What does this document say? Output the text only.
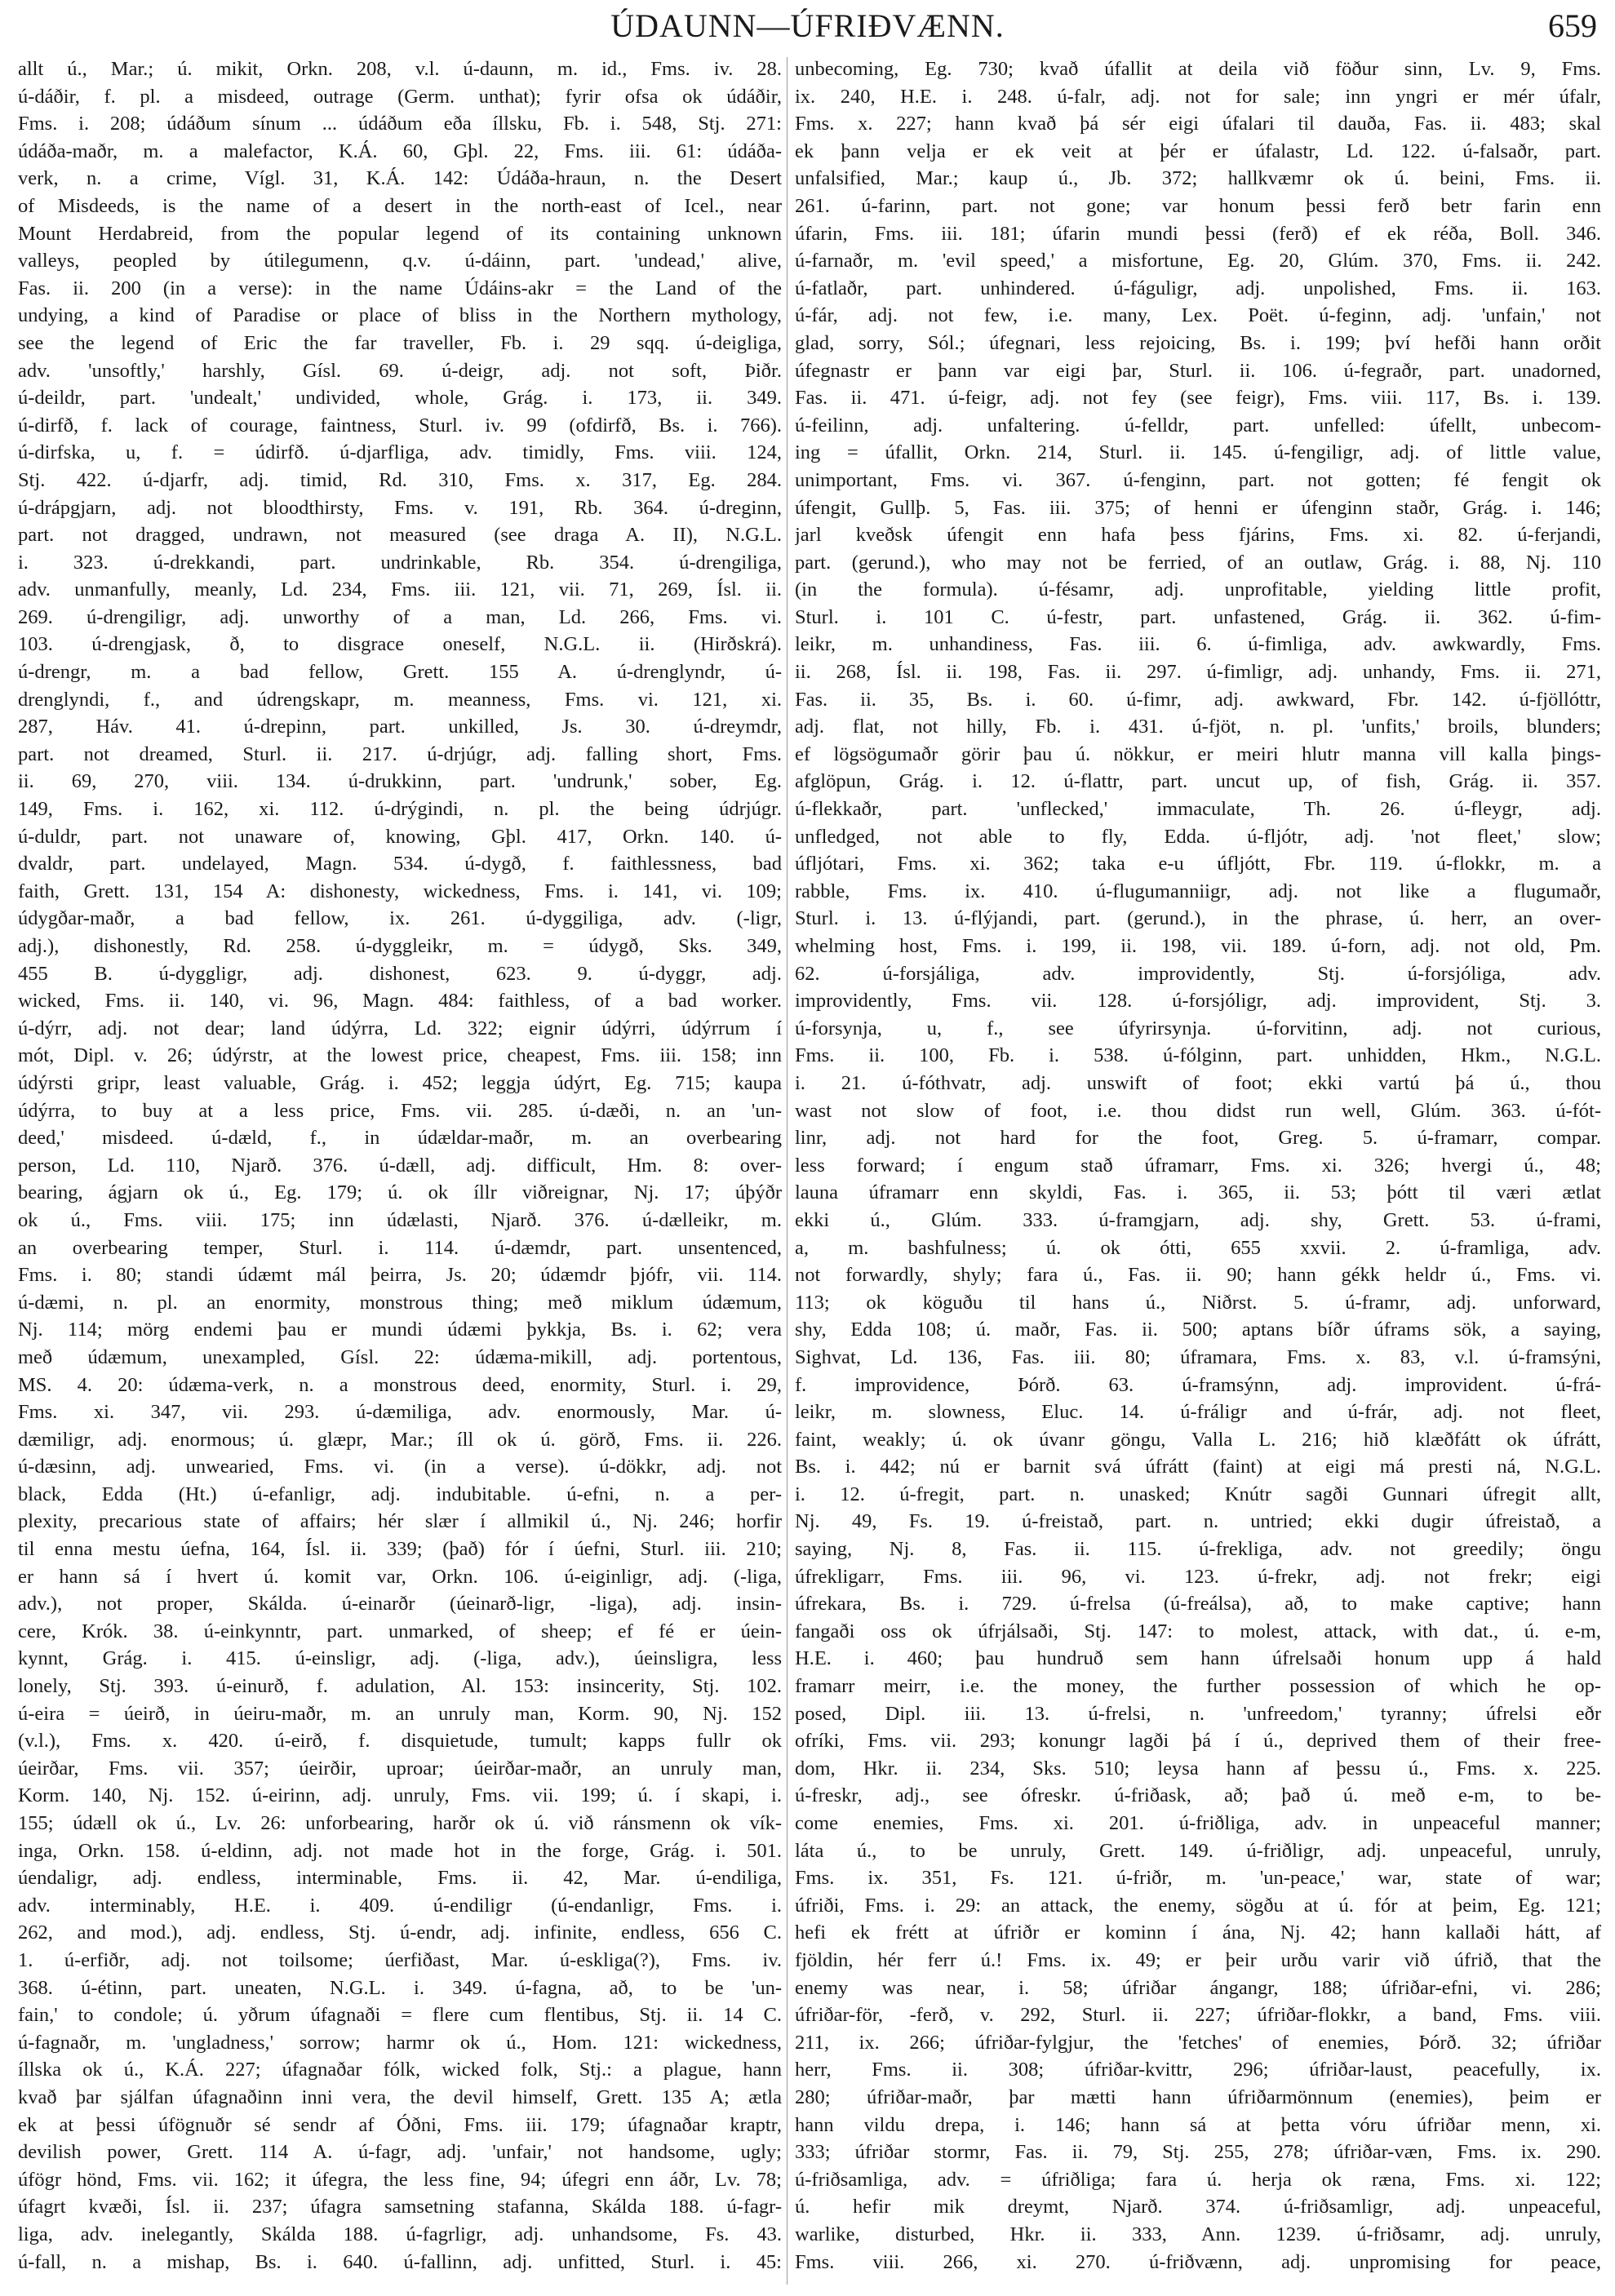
ÚDAUNN—ÚFRIÐVÆNN.	659
allt ú., Mar.; ú. mikit, Orkn. 208, v.l. ú-daunn, m. id., Fms. iv. 28.
ú-dáðir, f. pl. a misdeed, outrage (Germ. unthat); fyrir ofsa ok údáðir,
Fms. i. 208; údáðum sínum ... údáðum eða íllsku, Fb. i. 548, Stj. 271:
údáða-maðr, m. a malefactor, K.Á. 60, Gþl. 22, Fms. iii. 61: údáða-
verk, n. a crime, Vígl. 31, K.Á. 142: Údáða-hraun, n. the Desert
of Misdeeds, is the name of a desert in the north-east of Icel., near
Mount Herdabreid, from the popular legend of its containing unknown
valleys, peopled by útilegumenn, q.v. ú-dáinn, part. 'undead,' alive,
Fas. ii. 200 (in a verse): in the name Údáins-akr = the Land of the
undying, a kind of Paradise or place of bliss in the Northern mythology,
see the legend of Eric the far traveller, Fb. i. 29 sqq. ú-deigliga,
adv. 'unsoftly,' harshly, Gísl. 69. ú-deigr, adj. not soft, Þiðr.
ú-deildr, part. 'undealt,' undivided, whole, Grág. i. 173, ii. 349.
ú-dirfð, f. lack of courage, faintness, Sturl. iv. 99 (ofdirfð, Bs. i. 766).
ú-dirfska, u, f. = údirfð. ú-djarfliga, adv. timidly, Fms. viii. 124,
Stj. 422. ú-djarfr, adj. timid, Rd. 310, Fms. x. 317, Eg. 284.
ú-drápgjarn, adj. not bloodthirsty, Fms. v. 191, Rb. 364. ú-dreginn,
part. not dragged, undrawn, not measured (see draga A. II), N.G.L.
i. 323. ú-drekkandi, part. undrinkable, Rb. 354. ú-drengiliga,
adv. unmanfully, meanly, Ld. 234, Fms. iii. 121, vii. 71, 269, Ísl. ii.
269. ú-drengiligr, adj. unworthy of a man, Ld. 266, Fms. vi.
103. ú-drengjask, ð, to disgrace oneself, N.G.L. ii. (Hirðskrá).
ú-drengr, m. a bad fellow, Grett. 155 A. ú-drenglyndr, ú-
drenglyndi, f., and údrengskapr, m. meanness, Fms. vi. 121, xi.
287, Háv. 41. ú-drepinn, part. unkilled, Js. 30. ú-dreymdr,
part. not dreamed, Sturl. ii. 217. ú-drjúgr, adj. falling short, Fms.
ii. 69, 270, viii. 134. ú-drukkinn, part. 'undrunk,' sober, Eg.
149, Fms. i. 162, xi. 112. ú-drýgindi, n. pl. the being údrjúgr.
ú-duldr, part. not unaware of, knowing, Gþl. 417, Orkn. 140. ú-
dvaldr, part. undelayed, Magn. 534. ú-dygð, f. faithlessness, bad
faith, Grett. 131, 154 A: dishonesty, wickedness, Fms. i. 141, vi. 109;
údygðar-maðr, a bad fellow, ix. 261. ú-dyggiliga, adv. (-ligr,
adj.), dishonestly, Rd. 258. ú-dyggleikr, m. = údygð, Sks. 349,
455 B. ú-dyggligr, adj. dishonest, 623. 9. ú-dyggr, adj.
wicked, Fms. ii. 140, vi. 96, Magn. 484: faithless, of a bad worker.
ú-dýrr, adj. not dear; land údýrra, Ld. 322; eignir údýrri, údýrrum í
mót, Dipl. v. 26; údýrstr, at the lowest price, cheapest, Fms. iii. 158; inn
údýrsti gripr, least valuable, Grág. i. 452; leggja údýrt, Eg. 715; kaupa
údýrra, to buy at a less price, Fms. vii. 285. ú-dæði, n. an 'un-
deed,' misdeed. ú-dæld, f., in údældar-maðr, m. an overbearing
person, Ld. 110, Njarð. 376. ú-dæll, adj. difficult, Hm. 8: over-
bearing, ágjarn ok ú., Eg. 179; ú. ok íllr viðreignar, Nj. 17; úþýðr
ok ú., Fms. viii. 175; inn údælasti, Njarð. 376. ú-dælleikr, m.
an overbearing temper, Sturl. i. 114. ú-dæmdr, part. unsentenced,
Fms. i. 80; standi údæmt mál þeirra, Js. 20; údæmdr þjófr, vii. 114.
ú-dæmi, n. pl. an enormity, monstrous thing; með miklum údæmum,
Nj. 114; mörg endemi þau er mundi údæmi þykkja, Bs. i. 62; vera
með údæmum, unexampled, Gísl. 22: údæma-mikill, adj. portentous,
MS. 4. 20: údæma-verk, n. a monstrous deed, enormity, Sturl. i. 29,
Fms. xi. 347, vii. 293. ú-dæmiliga, adv. enormously, Mar. ú-
dæmiligr, adj. enormous; ú. glæpr, Mar.; íll ok ú. görð, Fms. ii. 226.
ú-dæsinn, adj. unwearied, Fms. vi. (in a verse). ú-dökkr, adj. not
black, Edda (Ht.) ú-efanligr, adj. indubitable. ú-efni, n. a per-
plexity, precarious state of affairs; hér slær í allmikil ú., Nj. 246; horfir
til enna mestu úefna, 164, Ísl. ii. 339; (það) fór í úefni, Sturl. iii. 210;
er hann sá í hvert ú. komit var, Orkn. 106. ú-eiginligr, adj. (-liga,
adv.), not proper, Skálda. ú-einarðr (úeinarð-ligr, -liga), adj. insin-
cere, Krók. 38. ú-einkynntr, part. unmarked, of sheep; ef fé er úein-
kynnt, Grág. i. 415. ú-einsligr, adj. (-liga, adv.), úeinsligra, less
lonely, Stj. 393. ú-einurð, f. adulation, Al. 153: insincerity, Stj. 102.
ú-eira = úeirð, in úeiru-maðr, m. an unruly man, Korm. 90, Nj. 152
(v.l.), Fms. x. 420. ú-eirð, f. disquietude, tumult; kapps fullr ok
úeirðar, Fms. vii. 357; úeirðir, uproar; úeirðar-maðr, an unruly man,
Korm. 140, Nj. 152. ú-eirinn, adj. unruly, Fms. vii. 199; ú. í skapi, i.
155; údæll ok ú., Lv. 26: unforbearing, harðr ok ú. við ránsmenn ok vík-
inga, Orkn. 158. ú-eldinn, adj. not made hot in the forge, Grág. i. 501.
úendaligr, adj. endless, interminable, Fms. ii. 42, Mar. ú-endiliga,
adv. interminably, H.E. i. 409. ú-endiligr (ú-endanligr, Fms. i.
262, and mod.), adj. endless, Stj. ú-endr, adj. infinite, endless, 656 C.
1. ú-erfiðr, adj. not toilsome; úerfiðast, Mar. ú-eskliga(?), Fms. iv.
368. ú-étinn, part. uneaten, N.G.L. i. 349. ú-fagna, að, to be 'un-
fain,' to condole; ú. yðrum úfagnaði = flere cum flentibus, Stj. ii. 14 C.
ú-fagnaðr, m. 'ungladness,' sorrow; harmr ok ú., Hom. 121: wickedness,
íllska ok ú., K.Á. 227; úfagnaðar fólk, wicked folk, Stj.: a plague, hann
kvað þar sjálfan úfagnaðinn inni vera, the devil himself, Grett. 135 A; ætla
ek at þessi úfögnuðr sé sendr af Óðni, Fms. iii. 179; úfagnaðar kraptr,
devilish power, Grett. 114 A. ú-fagr, adj. 'unfair,' not handsome, ugly;
úfögr hönd, Fms. vii. 162; it úfegra, the less fine, 94; úfegri enn áðr, Lv. 78;
úfagrt kvæði, Ísl. ii. 237; úfagra samsetning stafanna, Skálda 188. ú-fagr-
liga, adv. inelegantly, Skálda 188. ú-fagrligr, adj. unhandsome, Fs. 43.
ú-fall, n. a mishap, Bs. i. 640. ú-fallinn, adj. unfitted, Sturl. i. 45:
unbecoming, Eg. 730; kvað úfallit at deila við föður sinn, Lv. 9, Fms.
ix. 240, H.E. i. 248. ú-falr, adj. not for sale; inn yngri er mér úfalr,
Fms. x. 227; hann kvað þá sér eigi úfalari til dauða, Fas. ii. 483; skal
ek þann velja er ek veit at þér er úfalastr, Ld. 122. ú-falsaðr, part.
unfalsified, Mar.; kaup ú., Jb. 372; hallkvæmr ok ú. beini, Fms. ii.
261. ú-farinn, part. not gone; var honum þessi ferð betr farin enn
úfarin, Fms. iii. 181; úfarin mundi þessi (ferð) ef ek réða, Boll. 346.
ú-farnaðr, m. 'evil speed,' a misfortune, Eg. 20, Glúm. 370, Fms. ii. 242.
ú-fatlaðr, part. unhindered. ú-fáguligr, adj. unpolished, Fms. ii. 163.
ú-fár, adj. not few, i.e. many, Lex. Poët. ú-feginn, adj. 'unfain,' not
glad, sorry, Sól.; úfegnari, less rejoicing, Bs. i. 199; því hefði hann orðit
úfegnastr er þann var eigi þar, Sturl. ii. 106. ú-fegraðr, part. unadorned,
Fas. ii. 471. ú-feigr, adj. not fey (see feigr), Fms. viii. 117, Bs. i. 139.
ú-feilinn, adj. unfaltering. ú-felldr, part. unfelled: úfellt, unbecom-
ing = úfallit, Orkn. 214, Sturl. ii. 145. ú-fengiligr, adj. of little value,
unimportant, Fms. vi. 367. ú-fenginn, part. not gotten; fé fengit ok
úfengit, Gullþ. 5, Fas. iii. 375; of henni er úfenginn staðr, Grág. i. 146;
jarl kveðsk úfengit enn hafa þess fjárins, Fms. xi. 82. ú-ferjandi,
part. (gerund.), who may not be ferried, of an outlaw, Grág. i. 88, Nj. 110
(in the formula). ú-fésamr, adj. unprofitable, yielding little profit,
Sturl. i. 101 C. ú-festr, part. unfastened, Grág. ii. 362. ú-fim-
leikr, m. unhandiness, Fas. iii. 6. ú-fimliga, adv. awkwardly, Fms.
ii. 268, Ísl. ii. 198, Fas. ii. 297. ú-fimligr, adj. unhandy, Fms. ii. 271,
Fas. ii. 35, Bs. i. 60. ú-fimr, adj. awkward, Fbr. 142. ú-fjöllóttr,
adj. flat, not hilly, Fb. i. 431. ú-fjöt, n. pl. 'unfits,' broils, blunders;
ef lögsögumaðr görir þau ú. nökkur, er meiri hlutr manna vill kalla þings-
afglöpun, Grág. i. 12. ú-flattr, part. uncut up, of fish, Grág. ii. 357.
ú-flekkaðr, part. 'unflecked,' immaculate, Th. 26. ú-fleygr, adj.
unfledged, not able to fly, Edda. ú-fljótr, adj. 'not fleet,' slow;
úfljótari, Fms. xi. 362; taka e-u úfljótt, Fbr. 119. ú-flokkr, m. a
rabble, Fms. ix. 410. ú-flugumanniigr, adj. not like a flugumaðr,
Sturl. i. 13. ú-flýjandi, part. (gerund.), in the phrase, ú. herr, an over-
whelming host, Fms. i. 199, ii. 198, vii. 189. ú-forn, adj. not old, Pm.
62. ú-forsjáliga, adv. improvidently, Stj. ú-forsjóliga, adv.
improvidently, Fms. vii. 128. ú-forsjóligr, adj. improvident, Stj. 3.
ú-forsynja, u, f., see úfyrirsynja. ú-forvitinn, adj. not curious,
Fms. ii. 100, Fb. i. 538. ú-fólginn, part. unhidden, Hkm., N.G.L.
i. 21. ú-fóthvatr, adj. unswift of foot; ekki vartú þá ú., thou
wast not slow of foot, i.e. thou didst run well, Glúm. 363. ú-fót-
linr, adj. not hard for the foot, Greg. 5. ú-framarr, compar.
less forward; í engum stað úframarr, Fms. xi. 326; hvergi ú., 48;
launa úframarr enn skyldi, Fas. i. 365, ii. 53; þótt til væri ætlat
ekki ú., Glúm. 333. ú-framgjarn, adj. shy, Grett. 53. ú-frami,
a, m. bashfulness; ú. ok ótti, 655 xxvii. 2. ú-framliga, adv.
not forwardly, shyly; fara ú., Fas. ii. 90; hann gékk heldr ú., Fms. vi.
113; ok köguðu til hans ú., Niðrst. 5. ú-framr, adj. unforward,
shy, Edda 108; ú. maðr, Fas. ii. 500; aptans bíðr úframs sök, a saying,
Sighvat, Ld. 136, Fas. iii. 80; úframara, Fms. x. 83, v.l. ú-framsýni,
f. improvidence, Þórð. 63. ú-framsýnn, adj. improvident. ú-frá-
leikr, m. slowness, Eluc. 14. ú-fráligr and ú-frár, adj. not fleet,
faint, weakly; ú. ok úvanr göngu, Valla L. 216; hið klæðfátt ok úfrátt,
Bs. i. 442; nú er barnit svá úfrátt (faint) at eigi má presti ná, N.G.L.
i. 12. ú-fregit, part. n. unasked; Knútr sagði Gunnari úfregit allt,
Nj. 49, Fs. 19. ú-freistað, part. n. untried; ekki dugir úfreistað, a
saying, Nj. 8, Fas. ii. 115. ú-frekliga, adv. not greedily; öngu
úfrekligarr, Fms. iii. 96, vi. 123. ú-frekr, adj. not frekr; eigi
úfrekara, Bs. i. 729. ú-frelsa (ú-freálsa), að, to make captive; hann
fangaði oss ok úfrjálsaði, Stj. 147: to molest, attack, with dat., ú. e-m,
H.E. i. 460; þau hundruð sem hann úfrelsaði honum upp á hald
framarr meirr, i.e. the money, the further possession of which he op-
posed, Dipl. iii. 13. ú-frelsi, n. 'unfreedom,' tyranny; úfrelsi eðr
ofríki, Fms. vii. 293; konungr lagði þá í ú., deprived them of their free-
dom, Hkr. ii. 234, Sks. 510; leysa hann af þessu ú., Fms. x. 225.
ú-freskr, adj., see ófreskr. ú-friðask, að; það ú. með e-m, to be-
come enemies, Fms. xi. 201. ú-friðliga, adv. in unpeaceful manner;
láta ú., to be unruly, Grett. 149. ú-friðligr, adj. unpeaceful, unruly,
Fms. ix. 351, Fs. 121. ú-friðr, m. 'un-peace,' war, state of war;
úfriði, Fms. i. 29: an attack, the enemy, sögðu at ú. fór at þeim, Eg. 121;
hefi ek frétt at úfriðr er kominn í ána, Nj. 42; hann kallaði hátt, af
fjöldin, hér ferr ú.! Fms. ix. 49; er þeir urðu varir við úfrið, that the
enemy was near, i. 58; úfriðar ángangr, 188; úfriðar-efni, vi. 286;
úfriðar-för, -ferð, v. 292, Sturl. ii. 227; úfriðar-flokkr, a band, Fms. viii.
211, ix. 266; úfriðar-fylgjur, the 'fetches' of enemies, Þórð. 32; úfriðar
herr, Fms. ii. 308; úfriðar-kvittr, 296; úfriðar-laust, peacefully, ix.
280; úfriðar-maðr, þar mætti hann úfriðarmönnum (enemies), þeim er
hann vildu drepa, i. 146; hann sá at þetta vóru úfriðar menn, xi.
333; úfriðar stormr, Fas. ii. 79, Stj. 255, 278; úfriðar-væn, Fms. ix. 290.
ú-friðsamliga, adv. = úfriðliga; fara ú. herja ok ræna, Fms. xi. 122;
ú. hefir mik dreymt, Njarð. 374. ú-friðsamligr, adj. unpeaceful,
warlike, disturbed, Hkr. ii. 333, Ann. 1239. ú-friðsamr, adj. unruly,
Fms. viii. 266, xi. 270. ú-friðvænn, adj. unpromising for peace,
